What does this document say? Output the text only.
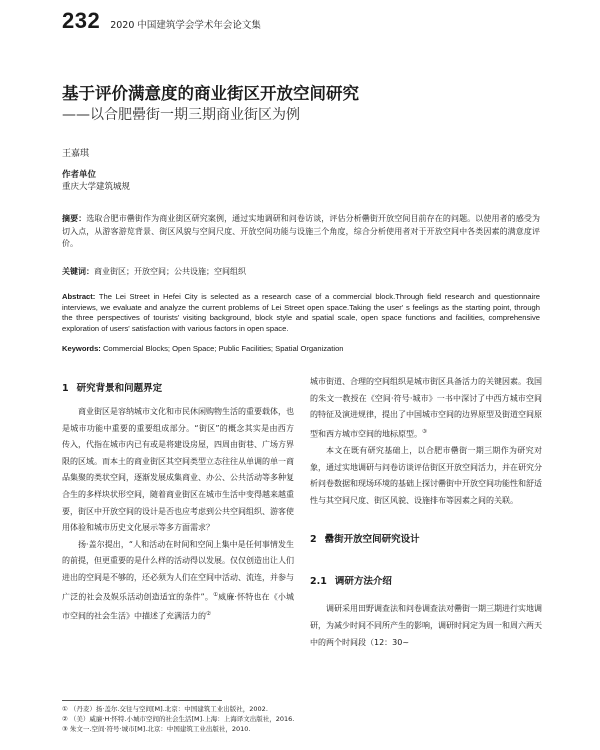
232 2020 中国建筑学会学术年会论文集
基于评价满意度的商业街区开放空间研究
——以合肥罍街一期三期商业街区为例
王嘉琪
作者单位
重庆大学建筑城规
摘要：选取合肥市罍街作为商业街区研究案例，通过实地调研和问卷访谈，评估分析罍街开放空间目前存在的问题。以使用者的感受为切入点，从游客游览背景、街区风貌与空间尺度、开放空间功能与设施三个角度，综合分析使用者对于开放空间中各类因素的满意度评价。
关键词：商业街区；开放空间；公共设施；空间组织
Abstract: The Lei Street in Hefei City is selected as a research case of a commercial block.Through field research and questionnaire interviews, we evaluate and analyze the current problems of Lei Street open space.Taking the user' s feelings as the starting point, through the three perspectives of tourists' visiting background, block style and spatial scale, open space functions and facilities, comprehensive exploration of users' satisfaction with various factors in open space.
Keywords: Commercial Blocks; Open Space; Public Facilities; Spatial Organization
1 研究背景和问题界定

商业街区是容纳城市文化和市民休闲购物生活的重要载体，也是城市功能中重要的重要组成部分。“街区”的概念其实是由西方传入，代指在城市内已有或是将建设房屋，四周由街巷、广场方界限的区域。而本土的商业街区其空间类型立态往往从单调的单一商品集聚的类状空间，逐渐发展成集商业、办公、公共活动等多种复合生的多样块状形空间，随着商业街区在城市生活中变得越来越重要，街区中开放空间的设计是否也应考虑到公共空间组织、游客使用体验和城市历史文化展示等多方面需求？

扬·盖尔提出，“人和活动在时间和空间上集中是任何事情发生的前提，但更重要的是什么样的活动得以发展。仅仅创造出让人们进出的空间是不够的，还必须为人们在空间中活动、流连，并参与广泛的社会及娱乐活动创造适宜的条件”。①威廉·怀特也在《小城市空间的社会生活》中描述了充满活力的②

城市街道、合理的空间组织是城市街区具备活力的关键因素。我国的朱文一教授在《空间·符号·城市》一书中深讨了中西方城市空间的特征及演进规律，提出了中国城市空间的边界原型及街道空间原型和西方城市空间的地标原型。③

本文在既有研究基础上，以合肥市罍街一期三期作为研究对象，通过实地调研与问卷访谈评估街区开放空间活力，并在研究分析问卷数据和现场环境的基础上探讨罍街中开放空间功能性和舒适性与其空间尺度、街区风貌、设施排布等因素之间的关联。

2 罍街开放空间研究设计
2.1 调研方法介绍

调研采用田野调查法和问卷调查法对罍街一期三期进行实地调研，为减少时间不同所产生的影响，调研时间定为周一和周六两天中的两个时间段（12：30~

① （丹麦）扬·盖尔.交往与空间[M].北京：中国建筑工业出版社，2002.
② （美）威廉·H·怀特.小城市空间的社会生活[M].上海：上海译文出版社，2016.
③ 朱文一.空间·符号·城市[M].北京：中国建筑工业出版社，2010.
